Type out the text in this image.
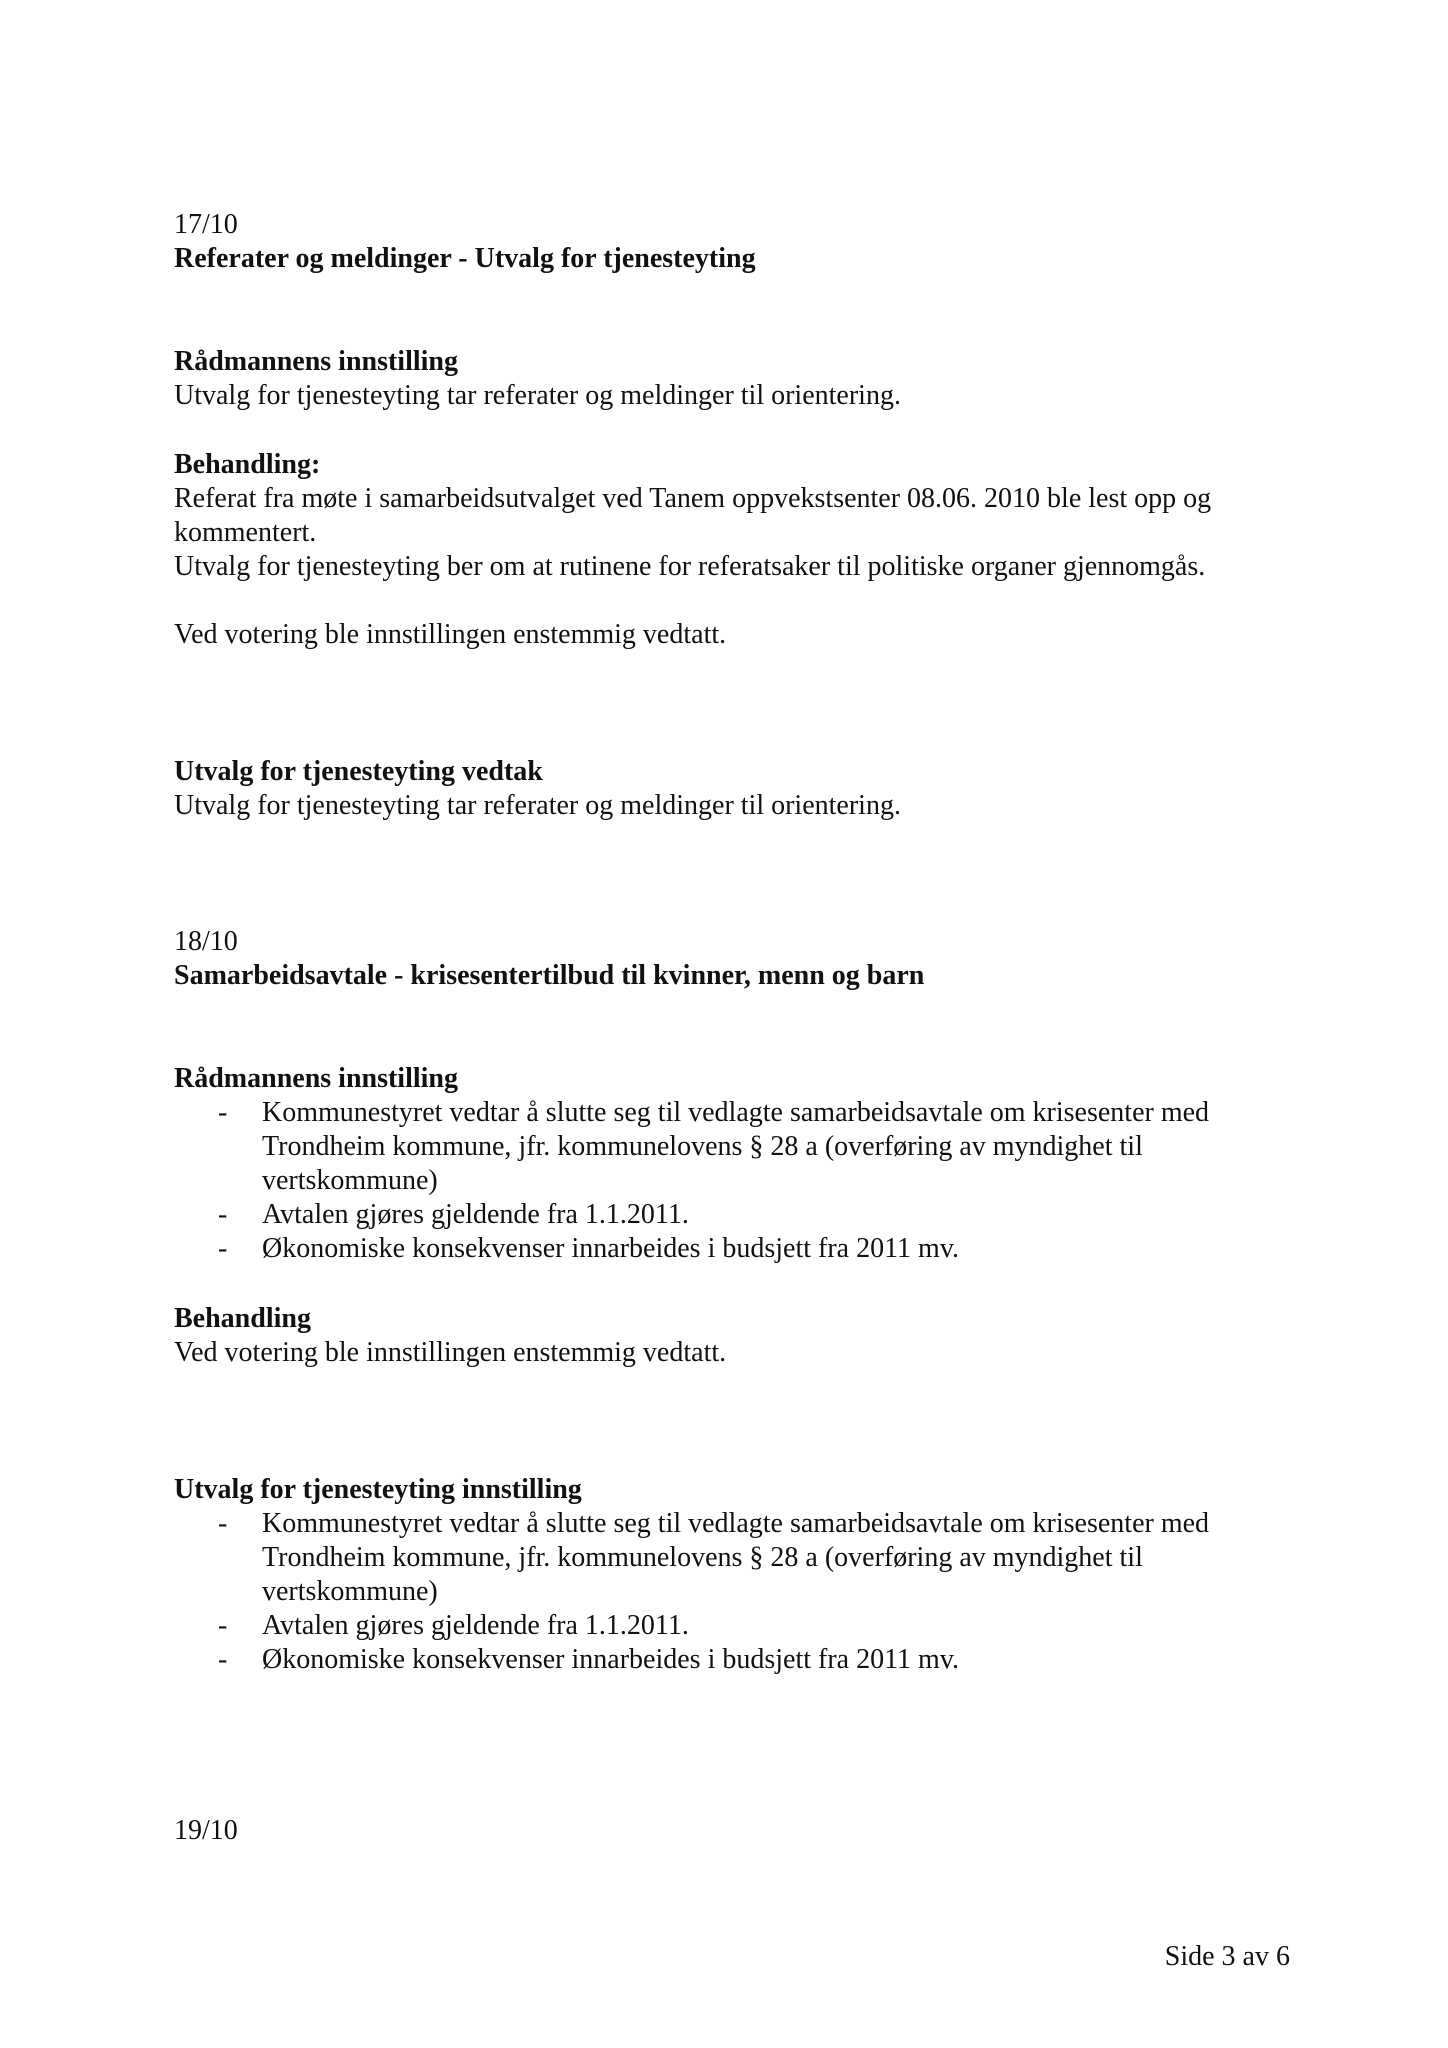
17/10

Referater og meldinger - Utvalg for tjenesteyting

Rådmannens innstilling

Utvalg for tjenesteyting tar referater og meldinger til orientering.

Behandling:

Referat fra møte i samarbeidsutvalget ved Tanem oppvekstsenter 08.06. 2010 ble lest opp og

kommentert.

Utvalg for tjenesteyting ber om at rutinene for referatsaker til politiske organer gjennomgås.

Ved votering ble innstillingen enstemmig vedtatt.

Utvalg for tjenesteyting vedtak

Utvalg for tjenesteyting tar referater og meldinger til orientering.

18/10

Samarbeidsavtale - krisesentertilbud til kvinner, menn og barn

Rådmannens innstilling

- Kommunestyret vedtar å slutte seg til vedlagte samarbeidsavtale om krisesenter med Trondheim kommune, jfr. kommunelovens § 28 a (overføring av myndighet til vertskommune)
- Avtalen gjøres gjeldende fra 1.1.2011.
- Økonomiske konsekvenser innarbeides i budsjett fra 2011 mv.

Behandling

Ved votering ble innstillingen enstemmig vedtatt.

Utvalg for tjenesteyting innstilling

- Kommunestyret vedtar å slutte seg til vedlagte samarbeidsavtale om krisesenter med Trondheim kommune, jfr. kommunelovens § 28 a (overføring av myndighet til vertskommune)
- Avtalen gjøres gjeldende fra 1.1.2011.
- Økonomiske konsekvenser innarbeides i budsjett fra 2011 mv.

19/10

Side 3 av 6
